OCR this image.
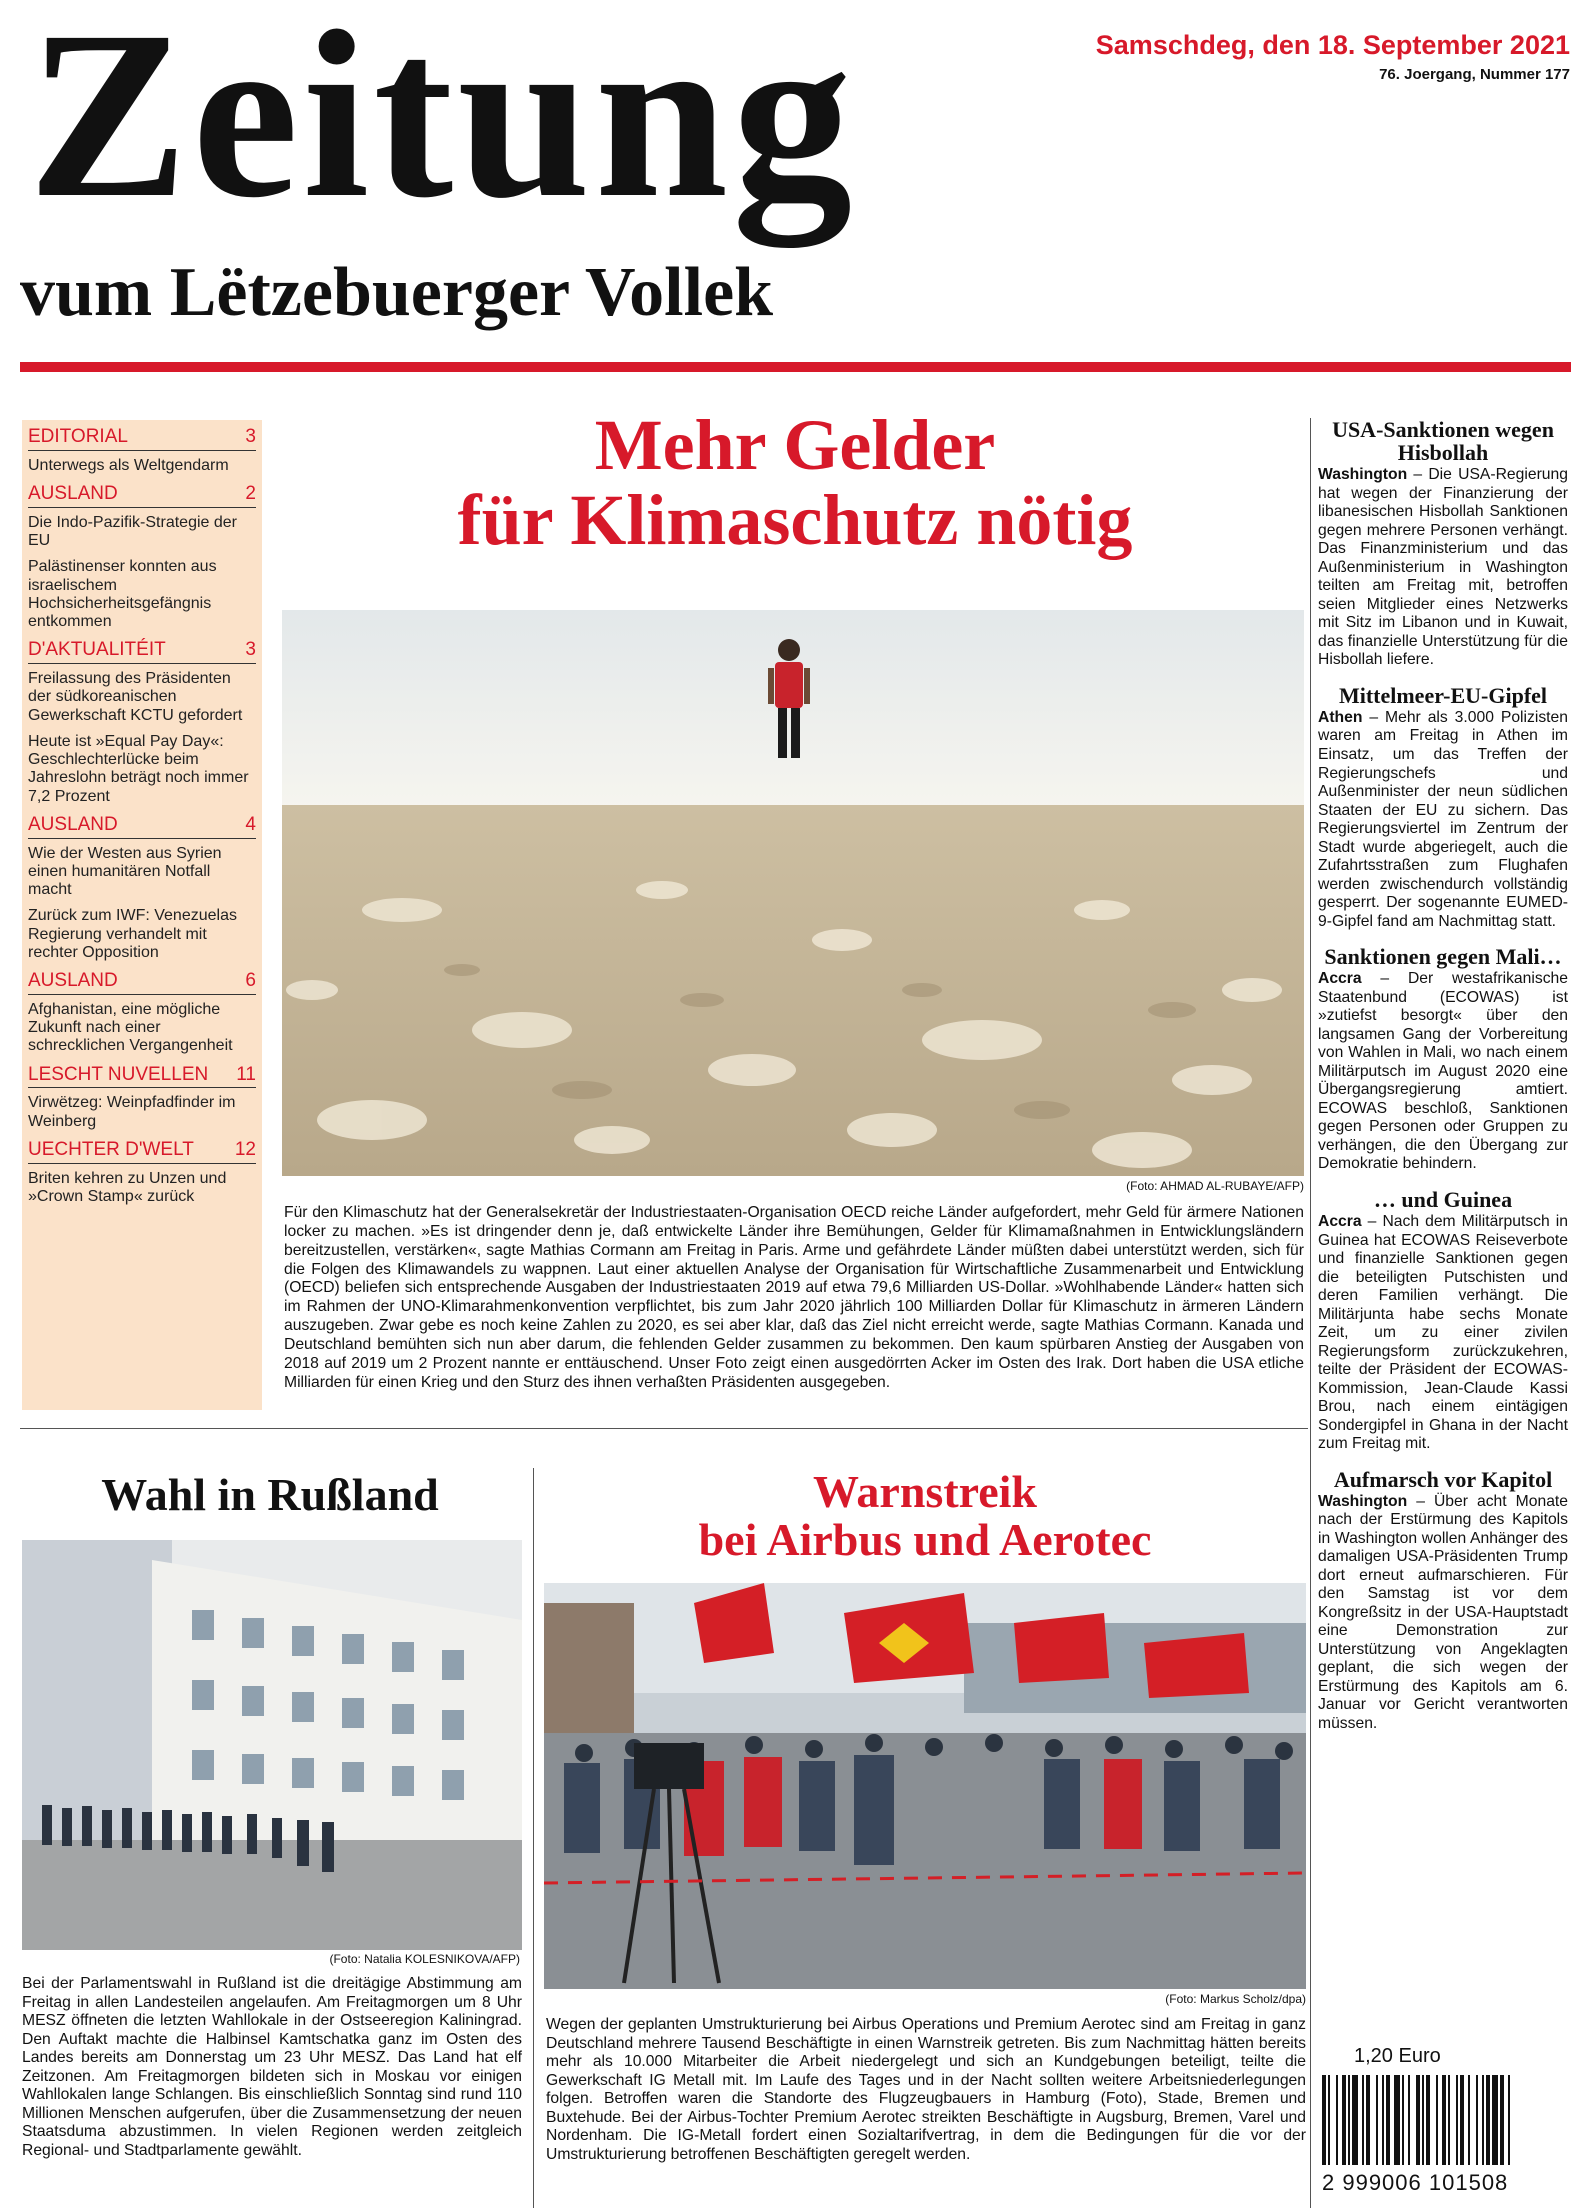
Zeitung
vum Lëtzebuerger Vollek
Samschdeg, den 18. September 2021
76. Joergang, Nummer 177
EDITORIAL	3
Unterwegs als Weltgendarm
AUSLAND	2
Die Indo-Pazifik-Strategie der EU
Palästinenser konnten aus israelischem Hochsicherheitsgefängnis entkommen
D'AKTUALITÉIT	3
Freilassung des Präsidenten der südkoreanischen Gewerkschaft KCTU gefordert
Heute ist »Equal Pay Day«: Geschlechterlücke beim Jahreslohn beträgt noch immer 7,2 Prozent
AUSLAND	4
Wie der Westen aus Syrien einen humanitären Notfall macht
Zurück zum IWF: Venezuelas Regierung verhandelt mit rechter Opposition
AUSLAND	6
Afghanistan, eine mögliche Zukunft nach einer schrecklichen Vergangenheit
LESCHT NUVELLEN 11
Virwëtzeg: Weinpfadfinder im Weinberg
UECHTER D'WELT 12
Briten kehren zu Unzen und »Crown Stamp« zurück
Mehr Gelder
für Klimaschutz nötig
(Foto: AHMAD AL-RUBAYE/AFP)
Für den Klimaschutz hat der Generalsekretär der Industriestaaten-Organisation OECD reiche Länder aufgefordert, mehr Geld für ärmere Nationen locker zu machen. »Es ist dringender denn je, daß entwickelte Länder ihre Bemühungen, Gelder für Klimamaßnahmen in Entwicklungsländern bereitzustellen, verstärken«, sagte Mathias Cormann am Freitag in Paris. Arme und gefährdete Länder müßten dabei unterstützt werden, sich für die Folgen des Klimawandels zu wappnen. Laut einer aktuellen Analyse der Organisation für Wirtschaftliche Zusammenarbeit und Entwicklung (OECD) beliefen sich entsprechende Ausgaben der Industriestaaten 2019 auf etwa 79,6 Milliarden US-Dollar. »Wohlhabende Länder« hatten sich im Rahmen der UNO-Klimarahmenkonvention verpflichtet, bis zum Jahr 2020 jährlich 100 Milliarden Dollar für Klimaschutz in ärmeren Ländern auszugeben. Zwar gebe es noch keine Zahlen zu 2020, es sei aber klar, daß das Ziel nicht erreicht werde, sagte Mathias Cormann. Kanada und Deutschland bemühten sich nun aber darum, die fehlenden Gelder zusammen zu bekommen. Den kaum spürbaren Anstieg der Ausgaben von 2018 auf 2019 um 2 Prozent nannte er enttäuschend. Unser Foto zeigt einen ausgedörrten Acker im Osten des Irak. Dort haben die USA etliche Milliarden für einen Krieg und den Sturz des ihnen verhaßten Präsidenten ausgegeben.
USA-Sanktionen wegen Hisbollah
Washington – Die USA-Regierung hat wegen der Finanzierung der libanesischen Hisbollah Sanktionen gegen mehrere Personen verhängt. Das Finanzministerium und das Außenministerium in Washington teilten am Freitag mit, betroffen seien Mitglieder eines Netzwerks mit Sitz im Libanon und in Kuwait, das finanzielle Unterstützung für die Hisbollah liefere.
Mittelmeer-EU-Gipfel
Athen – Mehr als 3.000 Polizisten waren am Freitag in Athen im Einsatz, um das Treffen der Regierungschefs und Außenminister der neun südlichen Staaten der EU zu sichern. Das Regierungsviertel im Zentrum der Stadt wurde abgeriegelt, auch die Zufahrtsstraßen zum Flughafen werden zwischendurch vollständig gesperrt. Der sogenannte EUMED-9-Gipfel fand am Nachmittag statt.
Sanktionen gegen Mali…
Accra – Der westafrikanische Staatenbund (ECOWAS) ist »zutiefst besorgt« über den langsamen Gang der Vorbereitung von Wahlen in Mali, wo nach einem Militärputsch im August 2020 eine Übergangsregierung amtiert. ECOWAS beschloß, Sanktionen gegen Personen oder Gruppen zu verhängen, die den Übergang zur Demokratie behindern.
… und Guinea
Accra – Nach dem Militärputsch in Guinea hat ECOWAS Reiseverbote und finanzielle Sanktionen gegen die beteiligten Putschisten und deren Familien verhängt. Die Militärjunta habe sechs Monate Zeit, um zu einer zivilen Regierungsform zurückzukehren, teilte der Präsident der ECOWAS-Kommission, Jean-Claude Kassi Brou, nach einem eintägigen Sondergipfel in Ghana in der Nacht zum Freitag mit.
Aufmarsch vor Kapitol
Washington – Über acht Monate nach der Erstürmung des Kapitols in Washington wollen Anhänger des damaligen USA-Präsidenten Trump dort erneut aufmarschieren. Für den Samstag ist vor dem Kongreßsitz in der USA-Hauptstadt eine Demonstration zur Unterstützung von Angeklagten geplant, die sich wegen der Erstürmung des Kapitols am 6. Januar vor Gericht verantworten müssen.
1,20 Euro
2 999006 101508
Wahl in Rußland
(Foto: Natalia KOLESNIKOVA/AFP)
Bei der Parlamentswahl in Rußland ist die dreitägige Abstimmung am Freitag in allen Landesteilen angelaufen. Am Freitagmorgen um 8 Uhr MESZ öffneten die letzten Wahllokale in der Ostseeregion Kaliningrad. Den Auftakt machte die Halbinsel Kamtschatka ganz im Osten des Landes bereits am Donnerstag um 23 Uhr MESZ. Das Land hat elf Zeitzonen. Am Freitagmorgen bildeten sich in Moskau vor einigen Wahllokalen lange Schlangen. Bis einschließlich Sonntag sind rund 110 Millionen Menschen aufgerufen, über die Zusammensetzung der neuen Staatsduma abzustimmen. In vielen Regionen werden zeitgleich Regional- und Stadtparlamente gewählt.
Warnstreik
bei Airbus und Aerotec
(Foto: Markus Scholz/dpa)
Wegen der geplanten Umstrukturierung bei Airbus Operations und Premium Aerotec sind am Freitag in ganz Deutschland mehrere Tausend Beschäftigte in einen Warnstreik getreten. Bis zum Nachmittag hätten bereits mehr als 10.000 Mitarbeiter die Arbeit niedergelegt und sich an Kundgebungen beteiligt, teilte die Gewerkschaft IG Metall mit. Im Laufe des Tages und in der Nacht sollten weitere Arbeitsniederlegungen folgen. Betroffen waren die Standorte des Flugzeugbauers in Hamburg (Foto), Stade, Bremen und Buxtehude. Bei der Airbus-Tochter Premium Aerotec streikten Beschäftigte in Augsburg, Bremen, Varel und Nordenham. Die IG-Metall fordert einen Sozialtarifvertrag, in dem die Bedingungen für die vor der Umstrukturierung betroffenen Beschäftigten geregelt werden.
